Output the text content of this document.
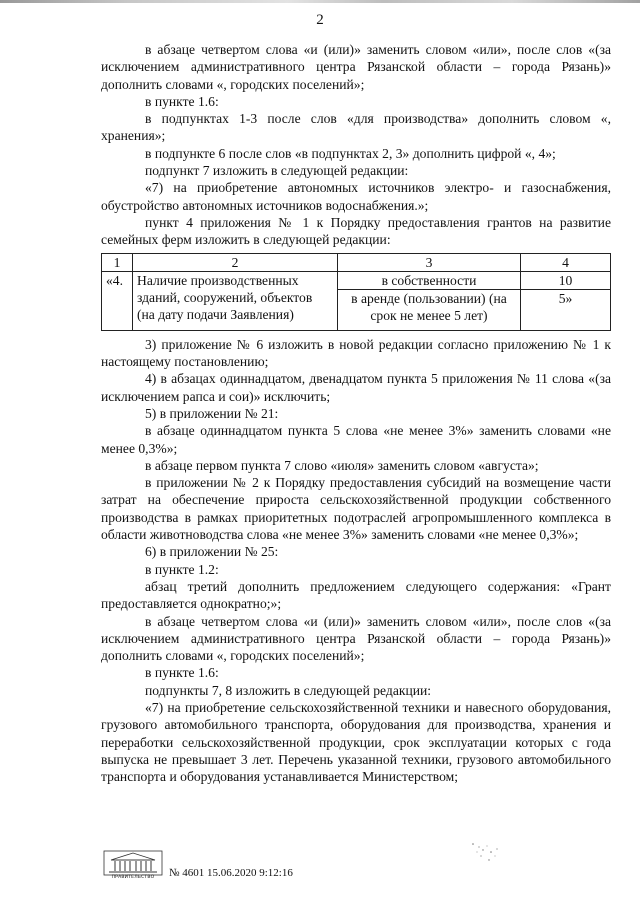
2

в абзаце четвертом слова «и (или)» заменить словом «или», после слов «(за исключением административного центра Рязанской области – города Рязань)» дополнить словами «, городских поселений»;

в пункте 1.6:

в подпунктах 1-3 после слов «для производства» дополнить словом «, хранения»;

в подпункте 6 после слов «в подпунктах 2, 3» дополнить цифрой «, 4»;

подпункт 7 изложить в следующей редакции:

«7) на приобретение автономных источников электро- и газоснабжения, обустройство автономных источников водоснабжения.»;

пункт 4 приложения № 1 к Порядку предоставления грантов на развитие семейных ферм изложить в следующей редакции:

1	2	3	4
«4.	Наличие производственных зданий, сооружений, объектов (на дату подачи Заявления)	в собственности	10
		в аренде (пользовании) (на срок не менее 5 лет)	5»

3) приложение № 6 изложить в новой редакции согласно приложению № 1 к настоящему постановлению;

4) в абзацах одиннадцатом, двенадцатом пункта 5 приложения № 11 слова «(за исключением рапса и сои)» исключить;

5) в приложении № 21:

в абзаце одиннадцатом пункта 5 слова «не менее 3%» заменить словами «не менее 0,3%»;

в абзаце первом пункта 7 слово «июля» заменить словом «августа»;

в приложении № 2 к Порядку предоставления субсидий на возмещение части затрат на обеспечение прироста сельскохозяйственной продукции собственного производства в рамках приоритетных подотраслей агропромышленного комплекса в области животноводства слова «не менее 3%» заменить словами «не менее 0,3%»;

6) в приложении № 25:

в пункте 1.2:

абзац третий дополнить предложением следующего содержания: «Грант предоставляется однократно;»;

в абзаце четвертом слова «и (или)» заменить словом «или», после слов «(за исключением административного центра Рязанской области – города Рязань)» дополнить словами «, городских поселений»;

в пункте 1.6:

подпункты 7, 8 изложить в следующей редакции:

«7) на приобретение сельскохозяйственной техники и навесного оборудования, грузового автомобильного транспорта, оборудования для производства, хранения и переработки сельскохозяйственной продукции, срок эксплуатации которых с года выпуска не превышает 3 лет. Перечень указанной техники, грузового автомобильного транспорта и оборудования устанавливается Министерством;

ПРАВИТЕЛЬСТВО	№ 4601 15.06.2020 9:12:16
